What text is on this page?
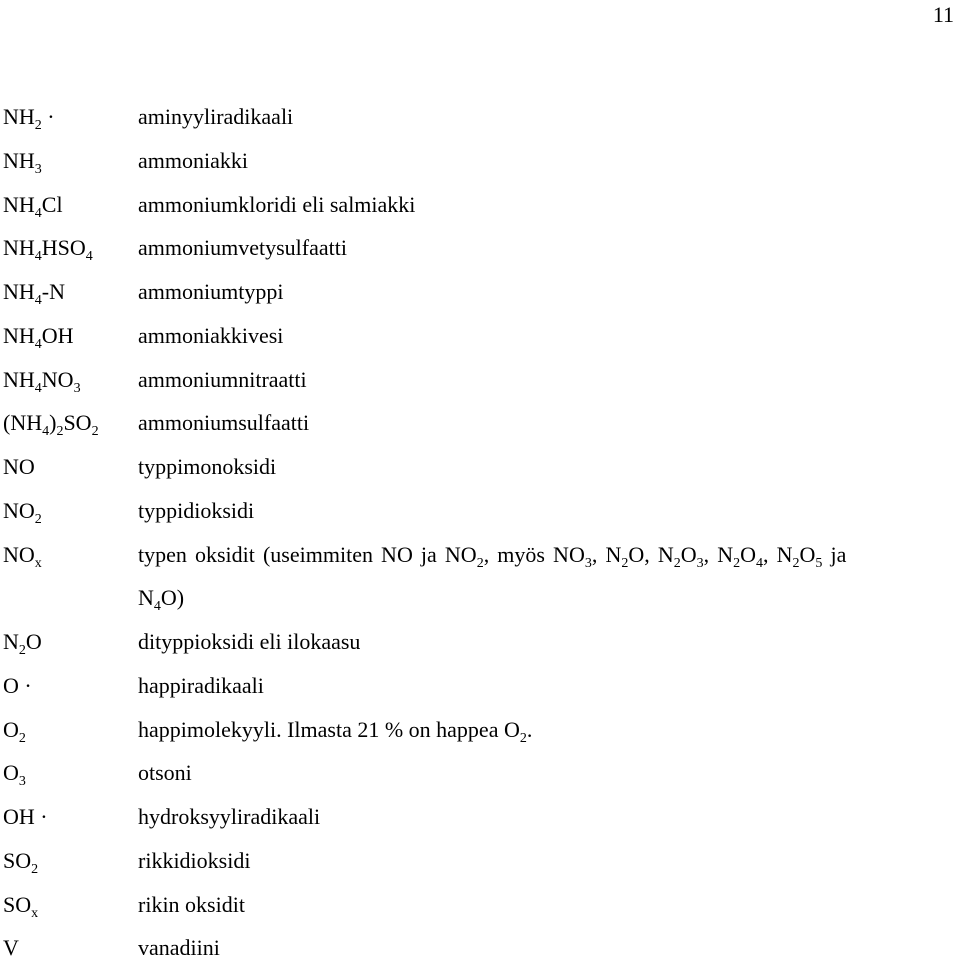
11
$NH_2$ ·	aminyyliradikaali
$NH_3$	ammoniakki
$NH_4Cl$	ammoniumkloridi eli salmiakki
$NH_4HSO_4$ ammoniumvetysulfaatti
$NH_4-N$	ammoniumtyppi
$NH_4OH$	ammoniakkivesi
$NH_4NO_3$	ammoniumnitraatti
$(NH_4)_2SO_2$ ammoniumsulfaatti
NO	typpimonoksidi
$NO_2$	typpidioksidi
$NO_x$	typen oksidit (useimmiten NO ja $NO_2$, myös $NO_3$, $N_2O$, $N_2O_3$, $N_2O_4$, $N_2O_5$ ja
$N_4O$)
$N_2O$	dityppioksidi eli ilokaasu
O ·	happiradikaali
$O_2$	happimolekyyli. Ilmasta 21 % on happea $O_2$.
$O_3$	otsoni
OH ·	hydroksyyliradikaali
$SO_2$	rikkidioksidi
$SO_x$	rikin oksidit
V	vanadiini
